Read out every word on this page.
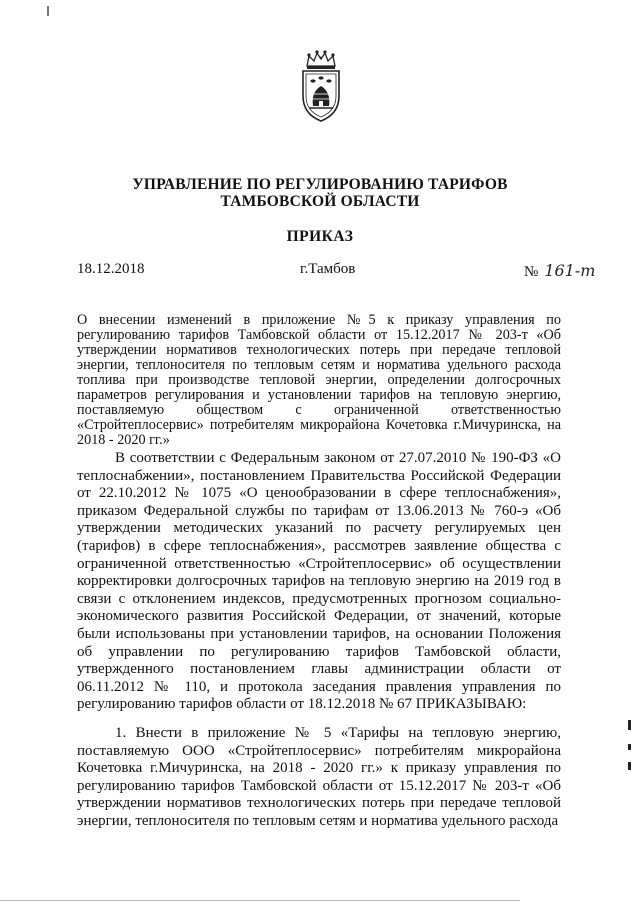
УПРАВЛЕНИЕ ПО РЕГУЛИРОВАНИЮ ТАРИФОВ
ТАМБОВСКОЙ ОБЛАСТИ
ПРИКАЗ
18.12.2018	г.Тамбов	№ 161-т
О внесении изменений в приложение №5 к приказу управления по регулированию тарифов Тамбовской области от 15.12.2017 № 203-т «Об утверждении нормативов технологических потерь при передаче тепловой энергии, теплоносителя по тепловым сетям и норматива удельного расхода топлива при производстве тепловой энергии, определении долгосрочных параметров регулирования и установлении тарифов на тепловую энергию, поставляемую обществом с ограниченной ответственностью «Стройтеплосервис» потребителям микрорайона Кочетовка г.Мичуринска, на 2018 - 2020 гг.»
В соответствии с Федеральным законом от 27.07.2010 № 190-ФЗ «О теплоснабжении», постановлением Правительства Российской Федерации от 22.10.2012 № 1075 «О ценообразовании в сфере теплоснабжения», приказом Федеральной службы по тарифам от 13.06.2013 № 760-э «Об утверждении методических указаний по расчету регулируемых цен (тарифов) в сфере теплоснабжения», рассмотрев заявление общества с ограниченной ответственностью «Стройтеплосервис» об осуществлении корректировки долгосрочных тарифов на тепловую энергию на 2019 год в связи с отклонением индексов, предусмотренных прогнозом социально-экономического развития Российской Федерации, от значений, которые были использованы при установлении тарифов, на основании Положения об управлении по регулированию тарифов Тамбовской области, утвержденного постановлением главы администрации области от 06.11.2012 № 110, и протокола заседания правления управления по регулированию тарифов области от 18.12.2018 № 67 ПРИКАЗЫВАЮ:
1. Внести в приложение № 5 «Тарифы на тепловую энергию, поставляемую ООО «Стройтеплосервис» потребителям микрорайона Кочетовка г.Мичуринска, на 2018 - 2020 гг.» к приказу управления по регулированию тарифов Тамбовской области от 15.12.2017 № 203-т «Об утверждении нормативов технологических потерь при передаче тепловой энергии, теплоносителя по тепловым сетям и норматива удельного расхода
